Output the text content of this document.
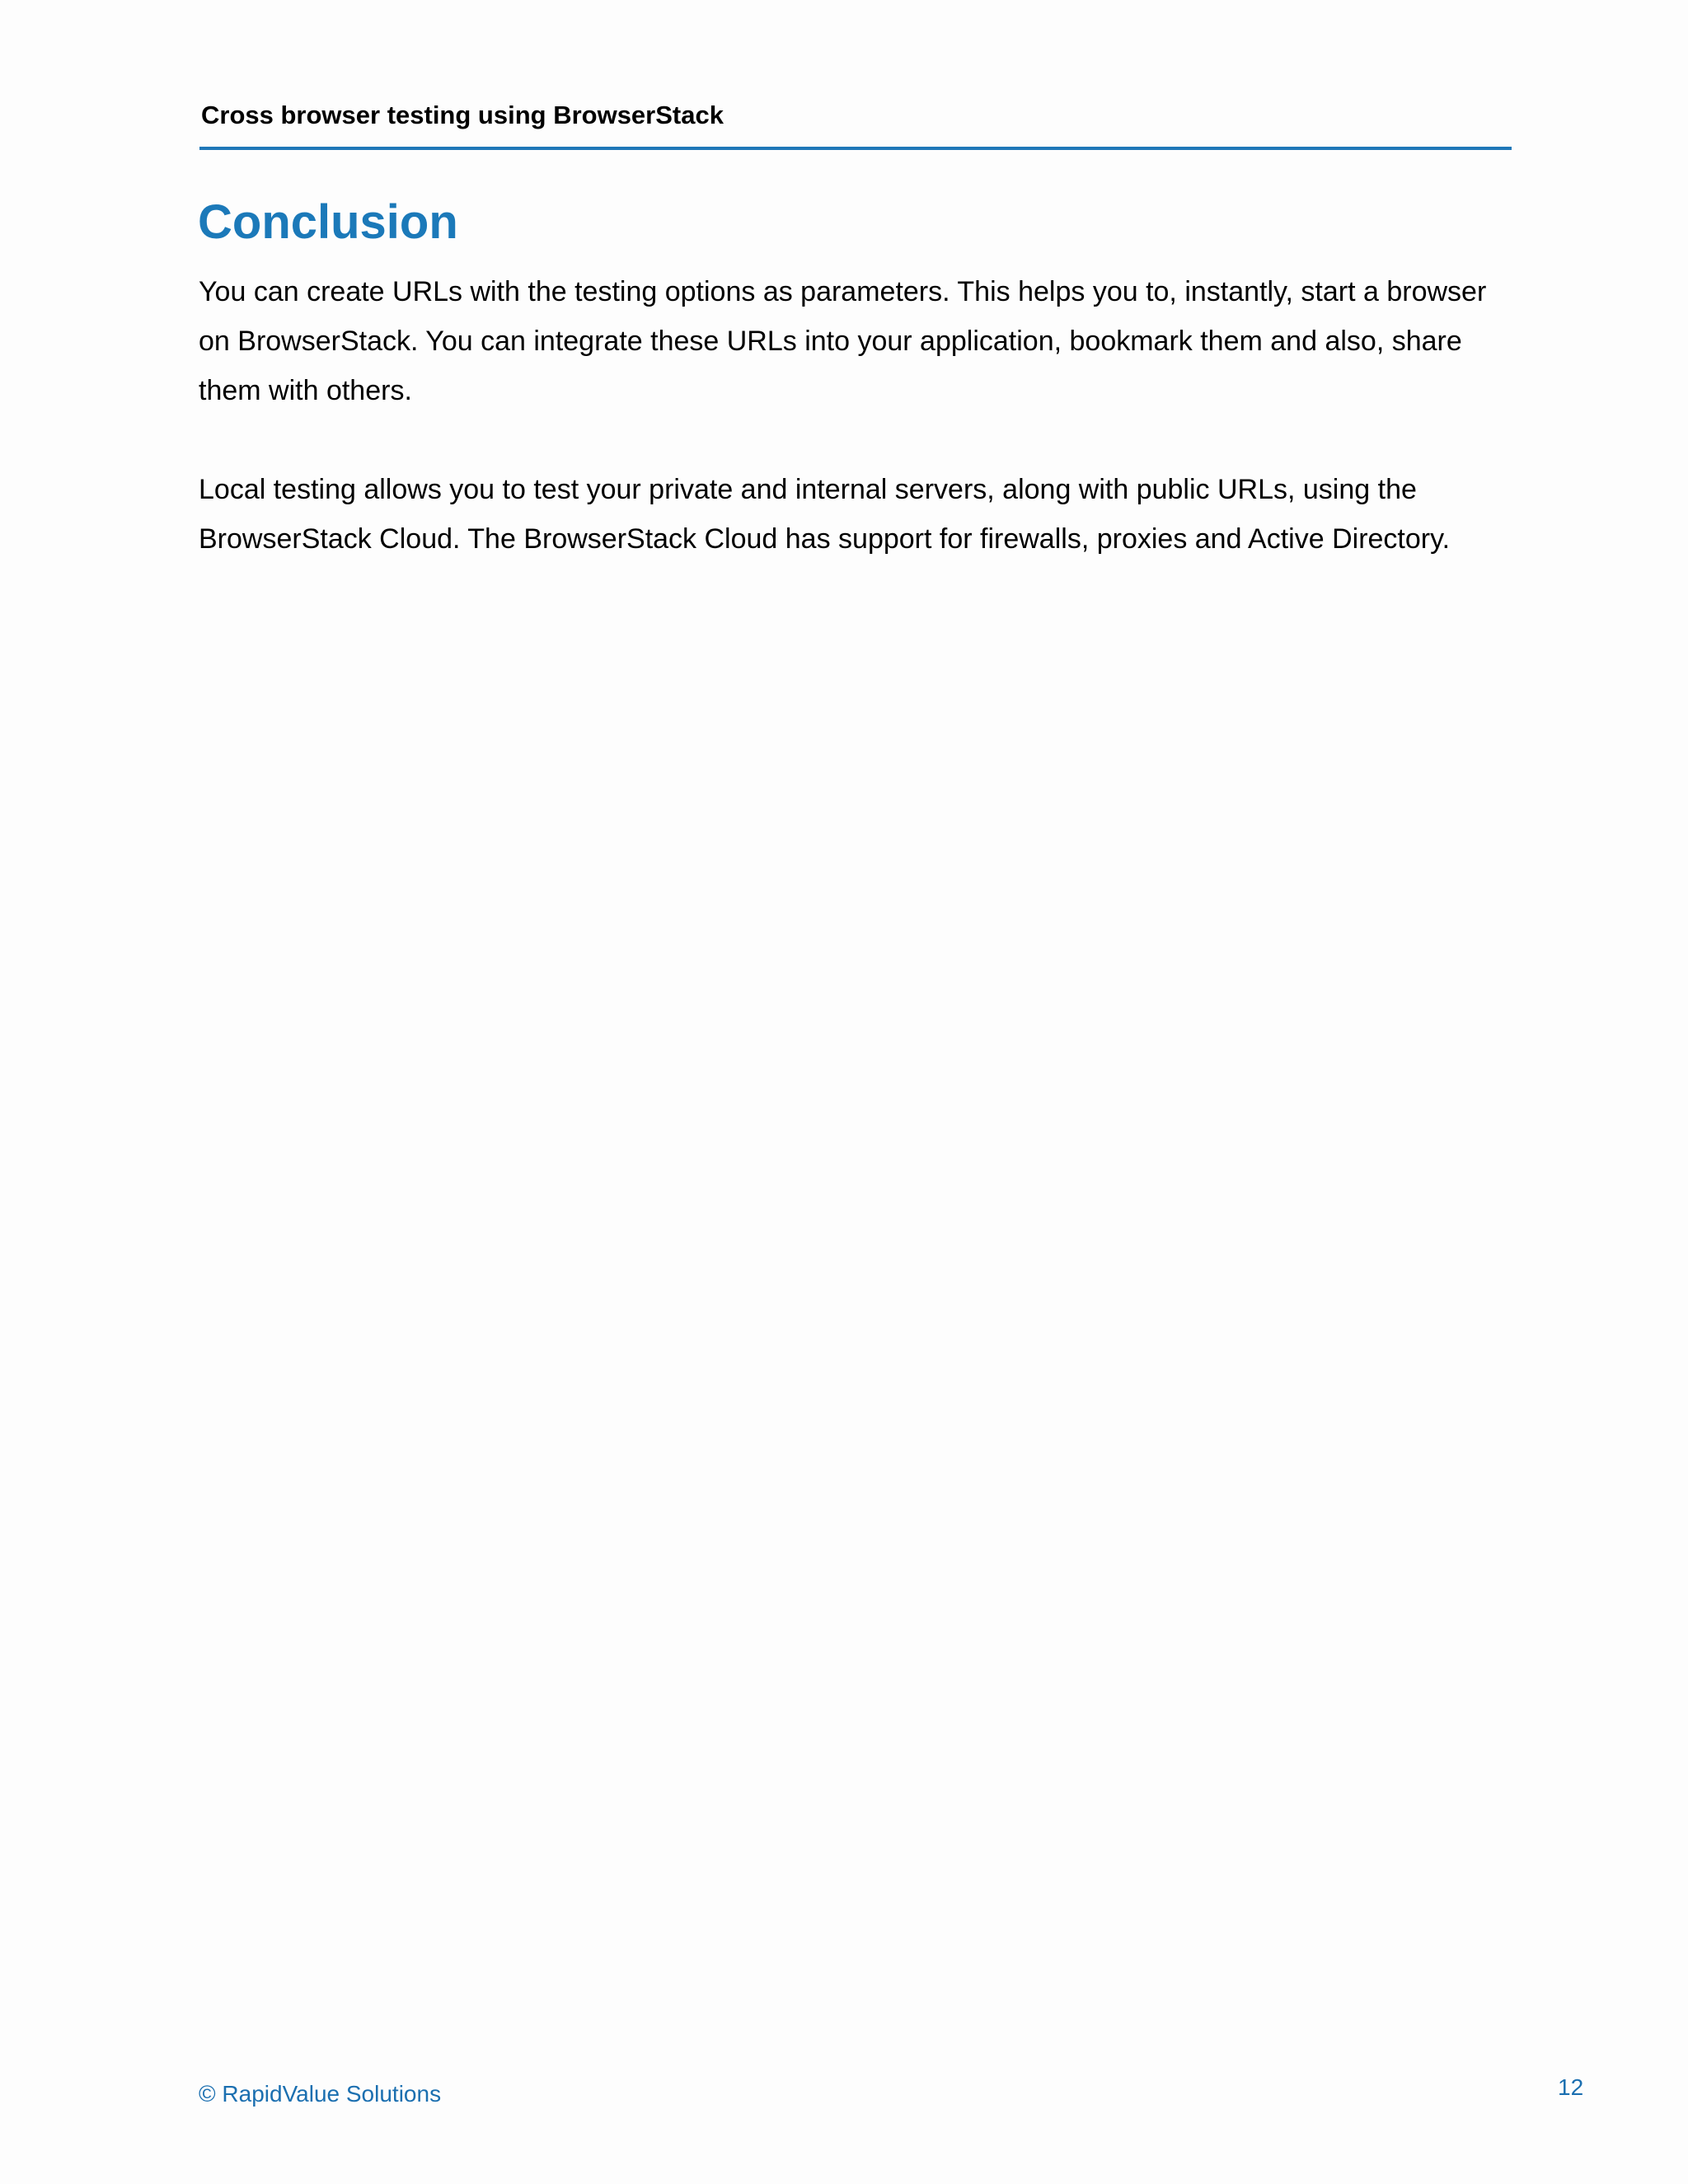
Cross browser testing using BrowserStack
Conclusion

You can create URLs with the testing options as parameters. This helps you to, instantly, start a browser on BrowserStack. You can integrate these URLs into your application, bookmark them and also, share them with others.

Local testing allows you to test your private and internal servers, along with public URLs, using the BrowserStack Cloud. The BrowserStack Cloud has support for firewalls, proxies and Active Directory.

© RapidValue Solutions	12
